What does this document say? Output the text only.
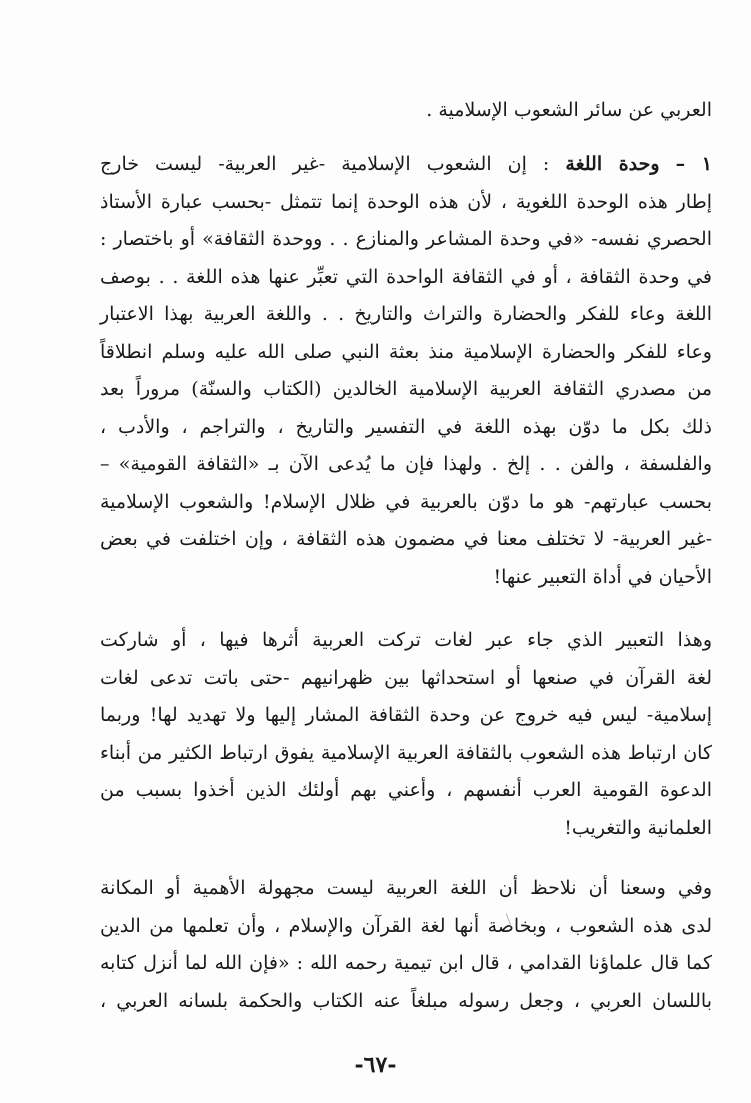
العربي عن سائر الشعوب الإسلامية .
١ – وحدة اللغة : إن الشعوب الإسلامية -غير العربية- ليست خارج
إطار هذه الوحدة اللغوية ، لأن هذه الوحدة إنما تتمثل -بحسب عبارة الأستاذ
الحصري نفسه- «في وحدة المشاعر والمنازع . . ووحدة الثقافة» أو باختصار :
في وحدة الثقافة ، أو في الثقافة الواحدة التي تعبِّر عنها هذه اللغة . . بوصف
اللغة وعاء للفكر والحضارة والتراث والتاريخ . . واللغة العربية بهذا الاعتبار
وعاء للفكر والحضارة الإسلامية منذ بعثة النبي صلى الله عليه وسلم انطلاقاً
من مصدري الثقافة العربية الإسلامية الخالدين (الكتاب والسنّة) مروراً بعد
ذلك بكل ما دوّن بهذه اللغة في التفسير والتاريخ ، والتراجم ، والأدب ،
والفلسفة ، والفن . . إلخ . ولهذا فإن ما يُدعى الآن بـ «الثقافة القومية» –
بحسب عبارتهم- هو ما دوّن بالعربية في ظلال الإسلام! والشعوب الإسلامية
-غير العربية- لا تختلف معنا في مضمون هذه الثقافة ، وإن اختلفت في بعض
الأحيان في أداة التعبير عنها!
وهذا التعبير الذي جاء عبر لغات تركت العربية أثرها فيها ، أو شاركت
لغة القرآن في صنعها أو استحداثها بين ظهرانيهم -حتى باتت تدعى لغات
إسلامية- ليس فيه خروج عن وحدة الثقافة المشار إليها ولا تهديد لها! وربما
كان ارتباط هذه الشعوب بالثقافة العربية الإسلامية يفوق ارتباط الكثير من أبناء
الدعوة القومية العرب أنفسهم ، وأعني بهم أولئك الذين أخذوا بسبب من
العلمانية والتغريب!
وفي وسعنا أن نلاحظ أن اللغة العربية ليست مجهولة الأهمية أو المكانة
لدى هذه الشعوب ، وبخاصة أنها لغة القرآن والإسلام ، وأن تعلمها من الدين
كما قال علماؤنا القدامي ، قال ابن تيمية رحمه الله : «فإن الله لما أنزل كتابه
باللسان العربي ، وجعل رسوله مبلغاً عنه الكتاب والحكمة بلسانه العربي ،
-٦٧-
